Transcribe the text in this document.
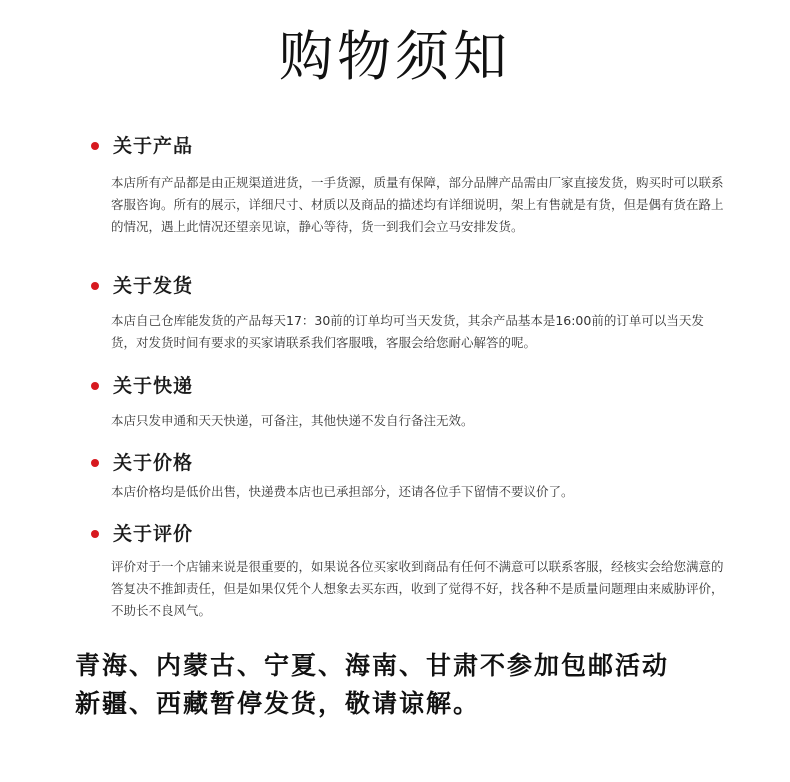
购物须知
关于产品

本店所有产品都是由正规渠道进货，一手货源，质量有保障，部分品牌产品需由厂家直接发货，购买时可以联系客服咨询。所有的展示，详细尺寸、材质以及商品的描述均有详细说明，架上有售就是有货，但是偶有货在路上的情况，遇上此情况还望亲见谅，静心等待，货一到我们会立马安排发货。

关于发货

本店自己仓库能发货的产品每天17：30前的订单均可当天发货，其余产品基本是16:00前的订单可以当天发货，对发货时间有要求的买家请联系我们客服哦，客服会给您耐心解答的呢。

关于快递

本店只发申通和天天快递，可备注，其他快递不发自行备注无效。

关于价格

本店价格均是低价出售，快递费本店也已承担部分，还请各位手下留情不要议价了。

关于评价

评价对于一个店铺来说是很重要的，如果说各位买家收到商品有任何不满意可以联系客服，经核实会给您满意的答复决不推卸责任，但是如果仅凭个人想象去买东西，收到了觉得不好，找各种不是质量问题理由来威胁评价，不助长不良风气。

青海、内蒙古、宁夏、海南、甘肃不参加包邮活动
新疆、西藏暂停发货，敬请谅解。
